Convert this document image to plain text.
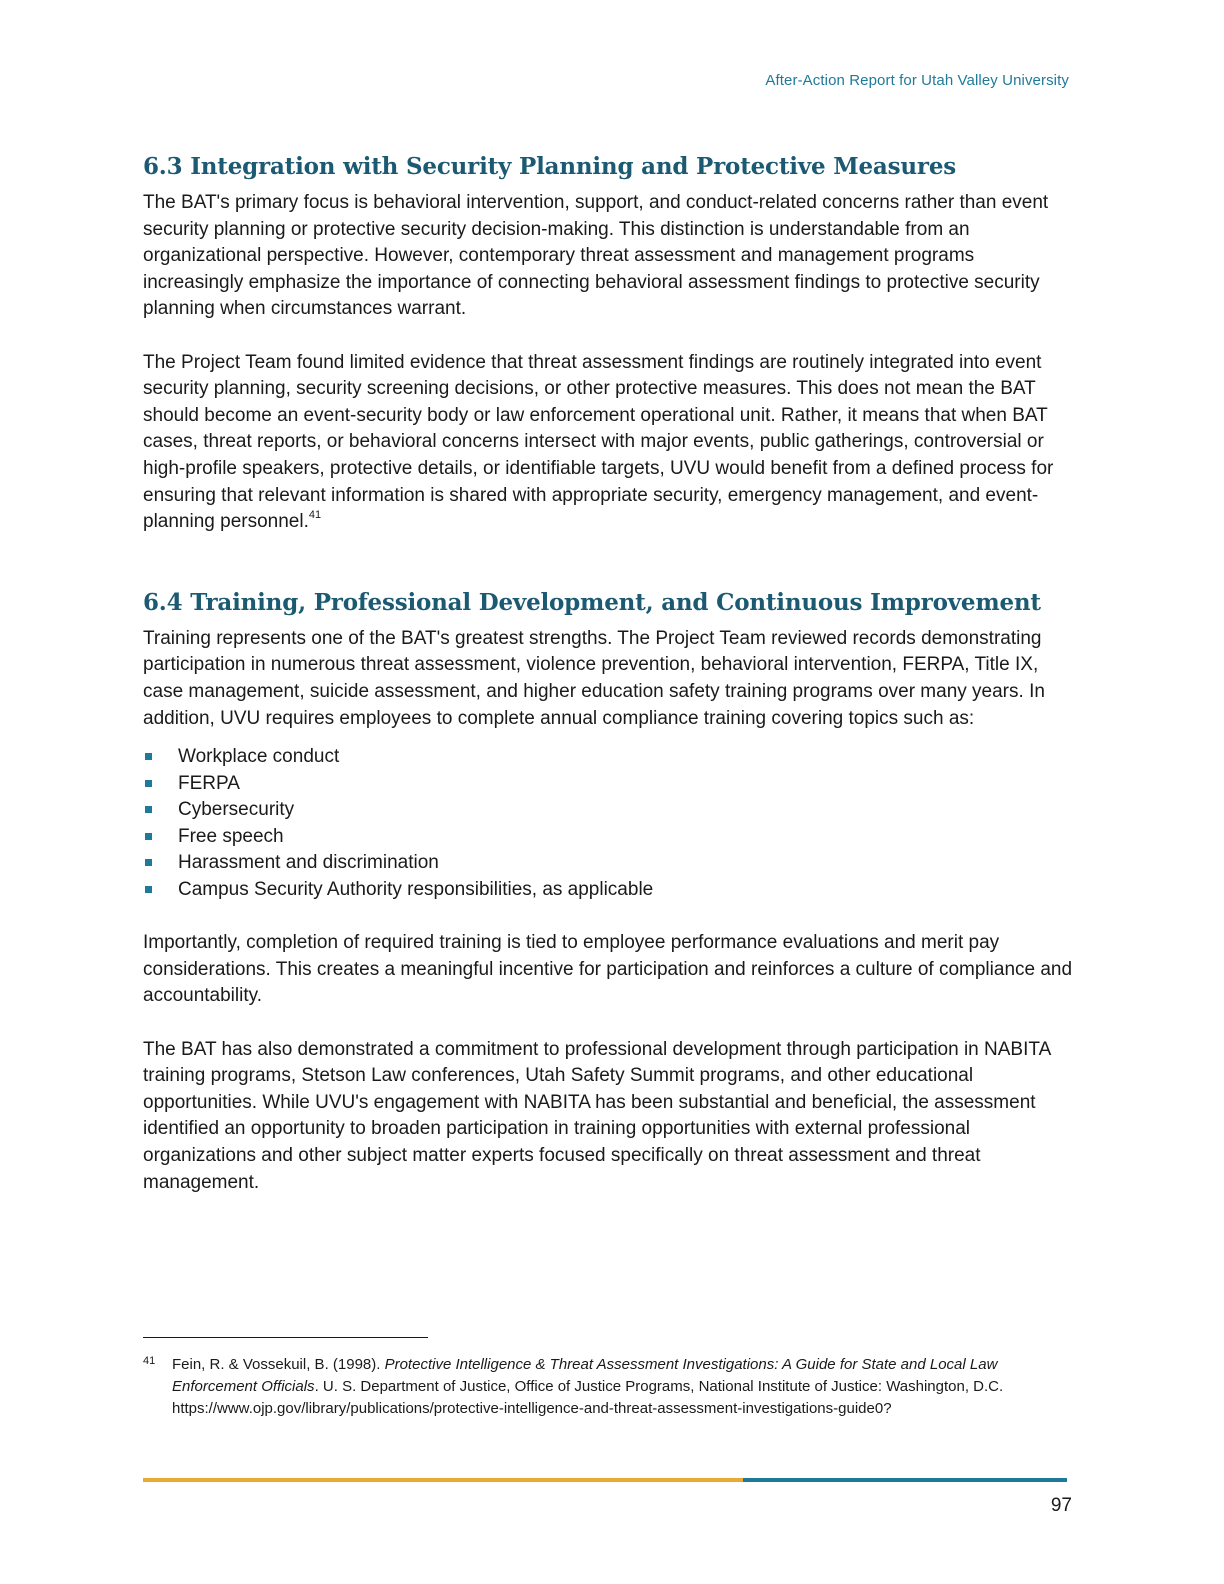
After-Action Report for Utah Valley University
6.3 Integration with Security Planning and Protective Measures

The BAT's primary focus is behavioral intervention, support, and conduct-related concerns rather than event security planning or protective security decision-making. This distinction is understandable from an organizational perspective. However, contemporary threat assessment and management programs increasingly emphasize the importance of connecting behavioral assessment findings to protective security planning when circumstances warrant.

The Project Team found limited evidence that threat assessment findings are routinely integrated into event security planning, security screening decisions, or other protective measures. This does not mean the BAT should become an event-security body or law enforcement operational unit. Rather, it means that when BAT cases, threat reports, or behavioral concerns intersect with major events, public gatherings, controversial or high-profile speakers, protective details, or identifiable targets, UVU would benefit from a defined process for ensuring that relevant information is shared with appropriate security, emergency management, and event-planning personnel.$^{41}$

6.4 Training, Professional Development, and Continuous Improvement

Training represents one of the BAT's greatest strengths. The Project Team reviewed records demonstrating participation in numerous threat assessment, violence prevention, behavioral intervention, FERPA, Title IX, case management, suicide assessment, and higher education safety training programs over many years. In addition, UVU requires employees to complete annual compliance training covering topics such as:

Workplace conduct
FERPA
Cybersecurity
Free speech
Harassment and discrimination
Campus Security Authority responsibilities, as applicable

Importantly, completion of required training is tied to employee performance evaluations and merit pay considerations. This creates a meaningful incentive for participation and reinforces a culture of compliance and accountability.

The BAT has also demonstrated a commitment to professional development through participation in NABITA training programs, Stetson Law conferences, Utah Safety Summit programs, and other educational opportunities. While UVU's engagement with NABITA has been substantial and beneficial, the assessment identified an opportunity to broaden participation in training opportunities with external professional organizations and other subject matter experts focused specifically on threat assessment and threat management.

41 Fein, R. & Vossekuil, B. (1998). Protective Intelligence & Threat Assessment Investigations: A Guide for State and Local Law Enforcement Officials. U. S. Department of Justice, Office of Justice Programs, National Institute of Justice: Washington, D.C.
https://www.ojp.gov/library/publications/protective-intelligence-and-threat-assessment-investigations-guide0?
97
